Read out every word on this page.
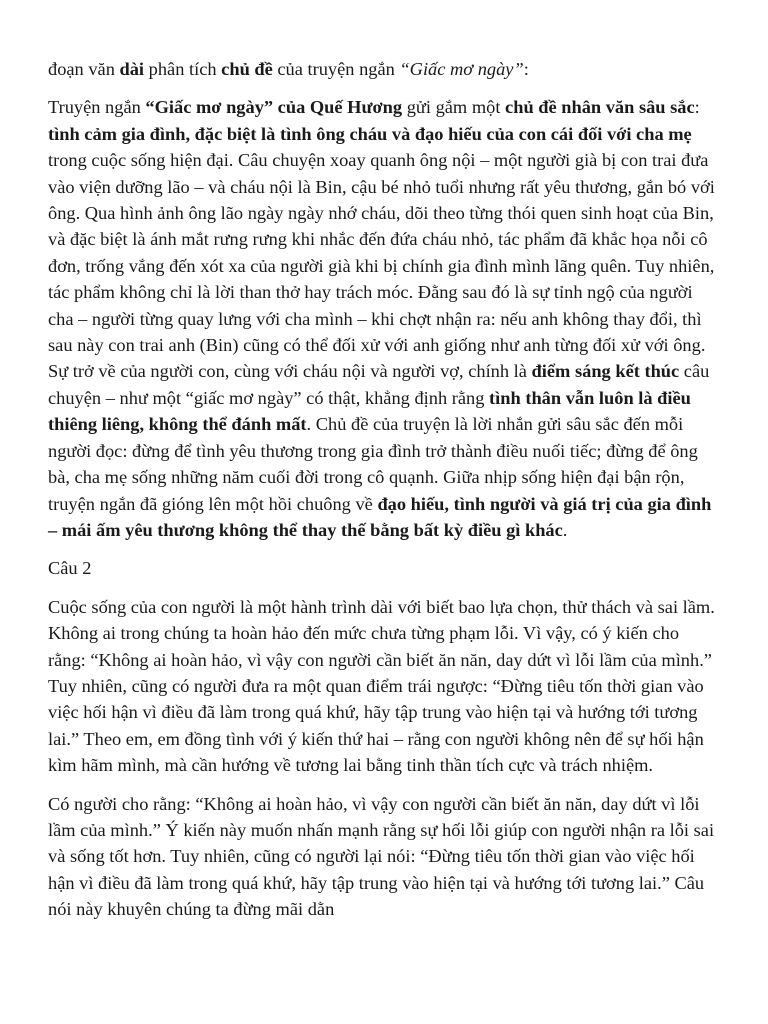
đoạn văn dài phân tích chủ đề của truyện ngắn “Giấc mơ ngày”:

Truyện ngắn “Giấc mơ ngày” của Quế Hương gửi gắm một chủ đề nhân văn sâu sắc: tình cảm gia đình, đặc biệt là tình ông cháu và đạo hiếu của con cái đối với cha mẹ trong cuộc sống hiện đại. Câu chuyện xoay quanh ông nội – một người già bị con trai đưa vào viện dưỡng lão – và cháu nội là Bin, cậu bé nhỏ tuổi nhưng rất yêu thương, gắn bó với ông. Qua hình ảnh ông lão ngày ngày nhớ cháu, dõi theo từng thói quen sinh hoạt của Bin, và đặc biệt là ánh mắt rưng rưng khi nhắc đến đứa cháu nhỏ, tác phẩm đã khắc họa nỗi cô đơn, trống vắng đến xót xa của người già khi bị chính gia đình mình lãng quên. Tuy nhiên, tác phẩm không chỉ là lời than thở hay trách móc. Đằng sau đó là sự tỉnh ngộ của người cha – người từng quay lưng với cha mình – khi chợt nhận ra: nếu anh không thay đổi, thì sau này con trai anh (Bin) cũng có thể đối xử với anh giống như anh từng đối xử với ông. Sự trở về của người con, cùng với cháu nội và người vợ, chính là điểm sáng kết thúc câu chuyện – như một “giấc mơ ngày” có thật, khẳng định rằng tình thân vẫn luôn là điều thiêng liêng, không thể đánh mất. Chủ đề của truyện là lời nhắn gửi sâu sắc đến mỗi người đọc: đừng để tình yêu thương trong gia đình trở thành điều nuối tiếc; đừng để ông bà, cha mẹ sống những năm cuối đời trong cô quạnh. Giữa nhịp sống hiện đại bận rộn, truyện ngắn đã gióng lên một hồi chuông về đạo hiếu, tình người và giá trị của gia đình – mái ấm yêu thương không thể thay thế bằng bất kỳ điều gì khác.

Câu 2

Cuộc sống của con người là một hành trình dài với biết bao lựa chọn, thử thách và sai lầm. Không ai trong chúng ta hoàn hảo đến mức chưa từng phạm lỗi. Vì vậy, có ý kiến cho rằng: “Không ai hoàn hảo, vì vậy con người cần biết ăn năn, day dứt vì lỗi lầm của mình.” Tuy nhiên, cũng có người đưa ra một quan điểm trái ngược: “Đừng tiêu tốn thời gian vào việc hối hận vì điều đã làm trong quá khứ, hãy tập trung vào hiện tại và hướng tới tương lai.” Theo em, em đồng tình với ý kiến thứ hai – rằng con người không nên để sự hối hận kìm hãm mình, mà cần hướng về tương lai bằng tinh thần tích cực và trách nhiệm.

Có người cho rằng: “Không ai hoàn hảo, vì vậy con người cần biết ăn năn, day dứt vì lỗi lầm của mình.” Ý kiến này muốn nhấn mạnh rằng sự hối lỗi giúp con người nhận ra lỗi sai và sống tốt hơn. Tuy nhiên, cũng có người lại nói: “Đừng tiêu tốn thời gian vào việc hối hận vì điều đã làm trong quá khứ, hãy tập trung vào hiện tại và hướng tới tương lai.” Câu nói này khuyên chúng ta đừng mãi dằn
